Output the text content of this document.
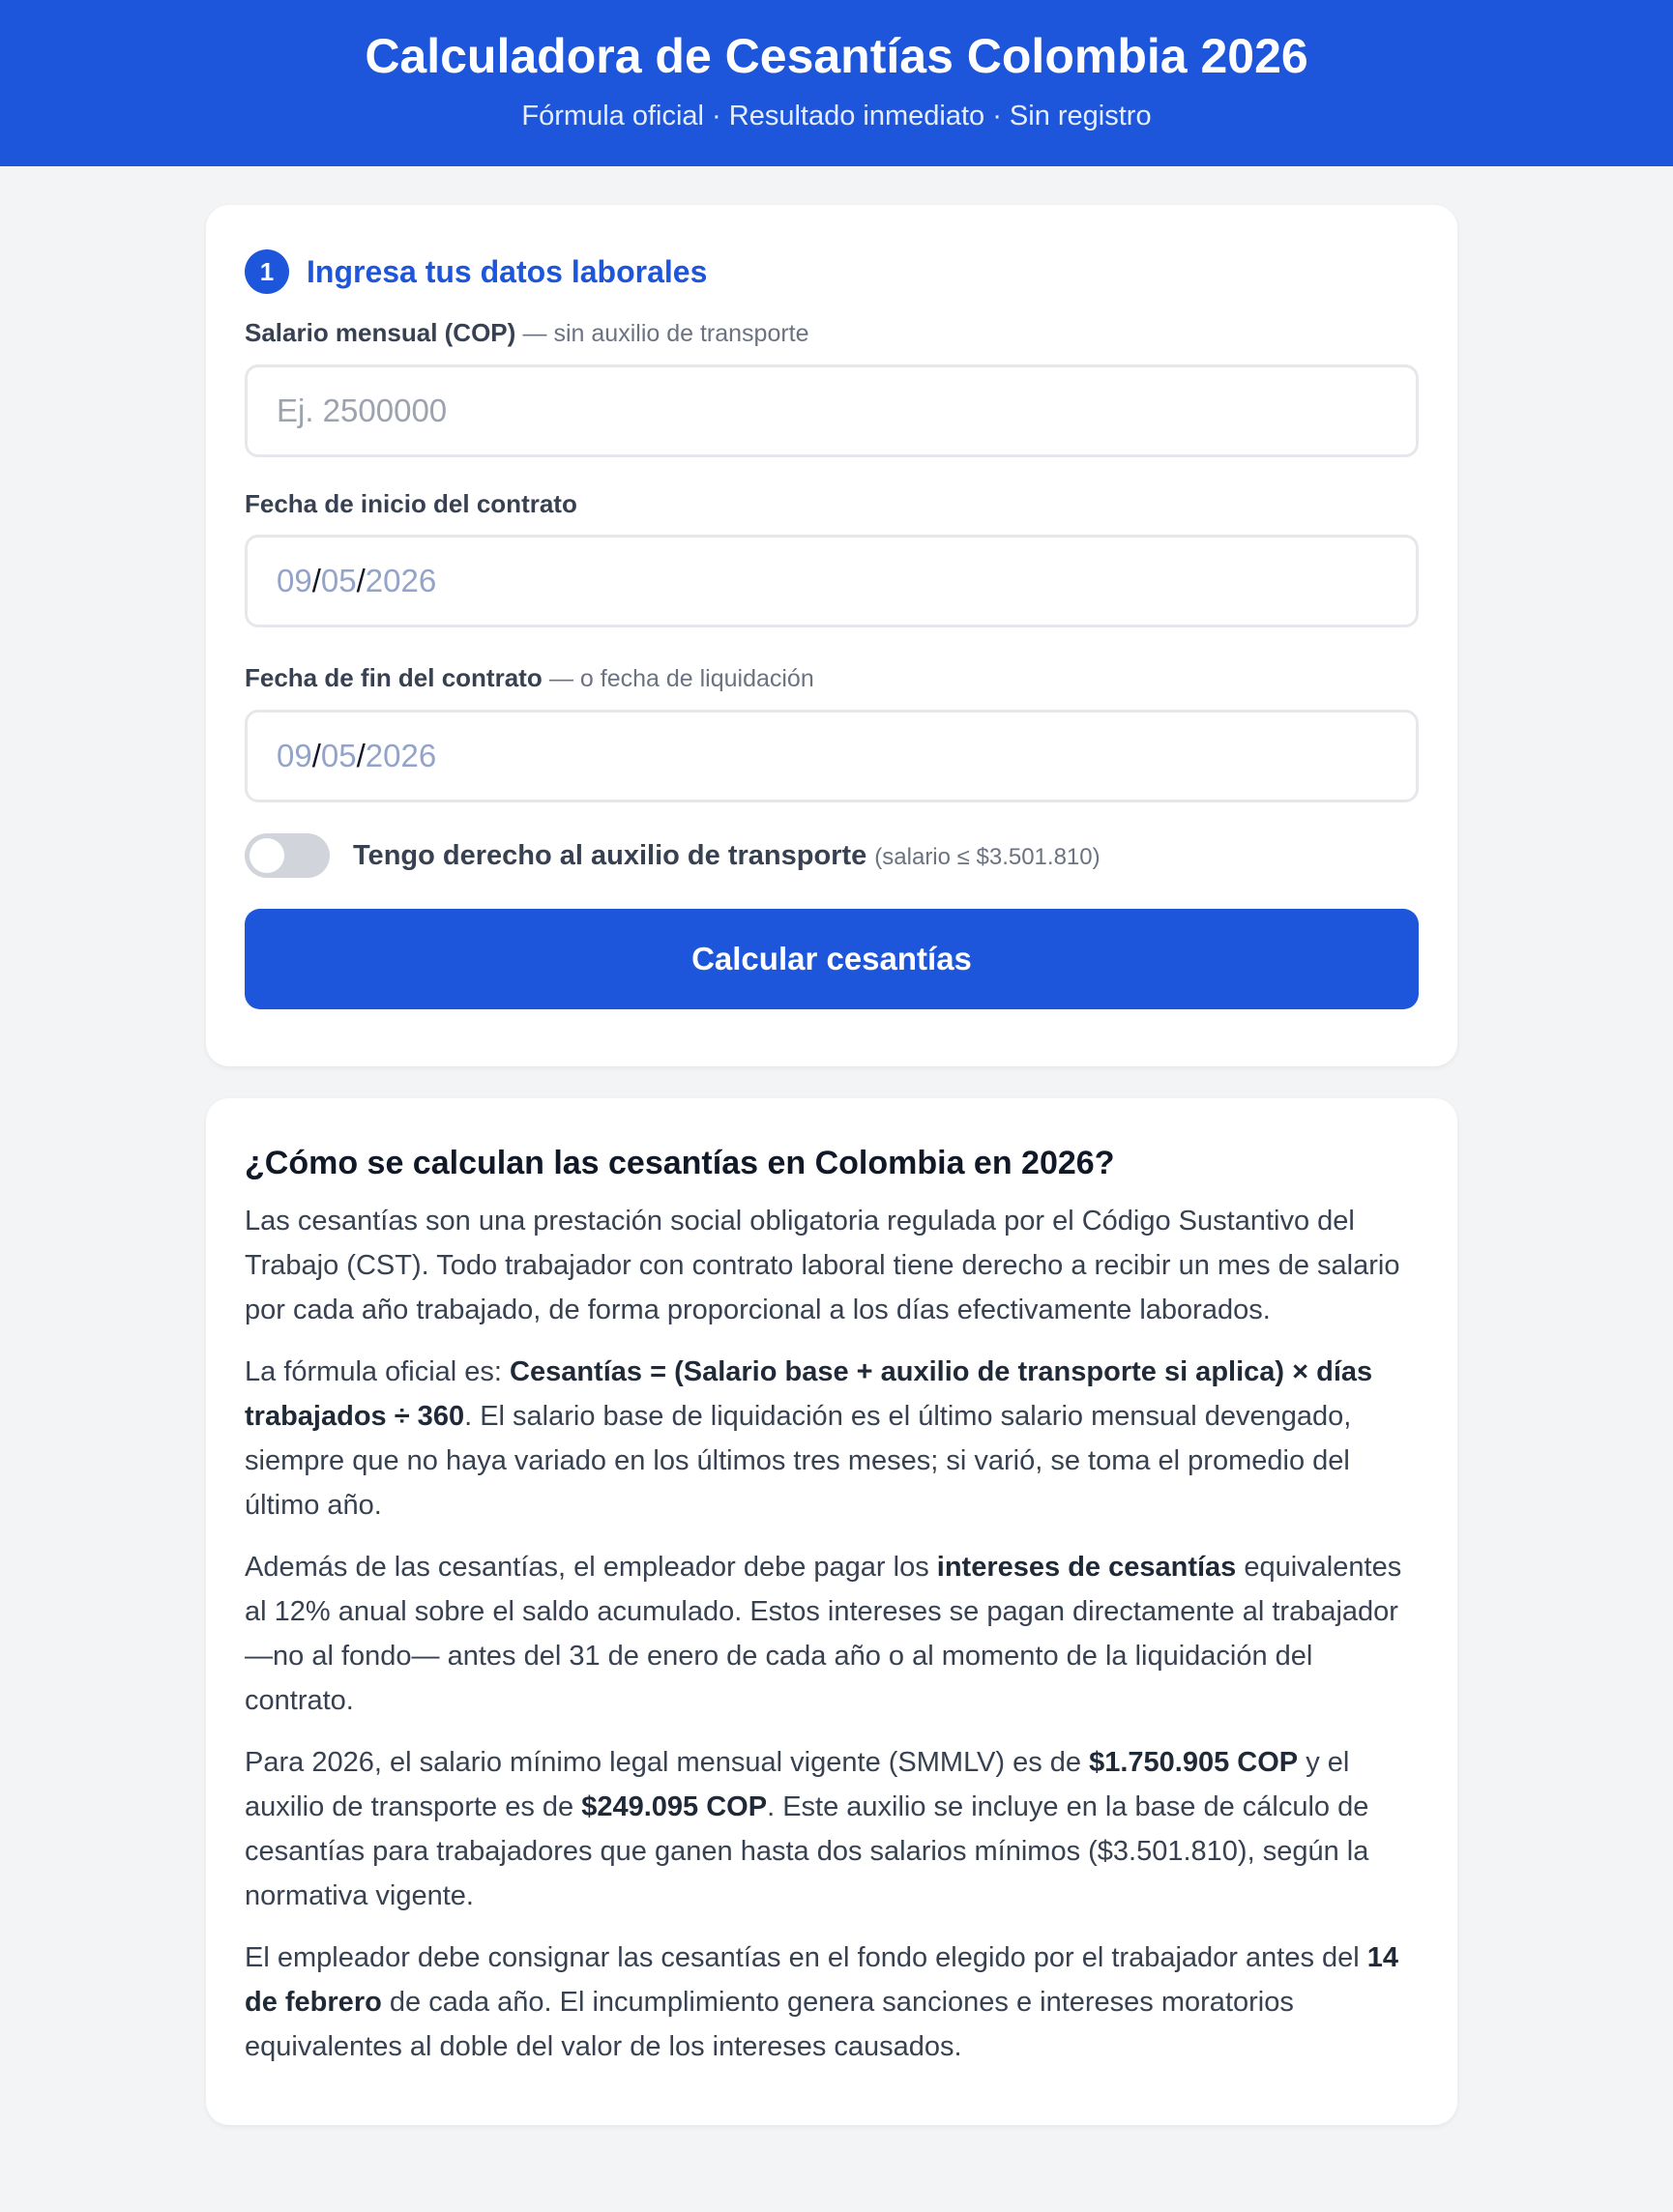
Calculadora de Cesantías Colombia 2026
Fórmula oficial · Resultado inmediato · Sin registro
1	Ingresa tus datos laborales
Salario mensual (COP) — sin auxilio de transporte
Ej. 2500000
Fecha de inicio del contrato
09 / 05 / 2026
Fecha de fin del contrato — o fecha de liquidación
09 / 05 / 2026
Tengo derecho al auxilio de transporte (salario ≤ $3.501.810)
Calcular cesantías
¿Cómo se calculan las cesantías en Colombia en 2026?

Las cesantías son una prestación social obligatoria regulada por el Código Sustantivo del Trabajo (CST). Todo trabajador con contrato laboral tiene derecho a recibir un mes de salario por cada año trabajado, de forma proporcional a los días efectivamente laborados.

La fórmula oficial es: Cesantías = (Salario base + auxilio de transporte si aplica) × días trabajados ÷ 360. El salario base de liquidación es el último salario mensual devengado, siempre que no haya variado en los últimos tres meses; si varió, se toma el promedio del último año.

Además de las cesantías, el empleador debe pagar los intereses de cesantías equivalentes al 12% anual sobre el saldo acumulado. Estos intereses se pagan directamente al trabajador —no al fondo— antes del 31 de enero de cada año o al momento de la liquidación del contrato.

Para 2026, el salario mínimo legal mensual vigente (SMMLV) es de $1.750.905 COP y el auxilio de transporte es de $249.095 COP. Este auxilio se incluye en la base de cálculo de cesantías para trabajadores que ganen hasta dos salarios mínimos ($3.501.810), según la normativa vigente.

El empleador debe consignar las cesantías en el fondo elegido por el trabajador antes del 14 de febrero de cada año. El incumplimiento genera sanciones e intereses moratorios equivalentes al doble del valor de los intereses causados.
